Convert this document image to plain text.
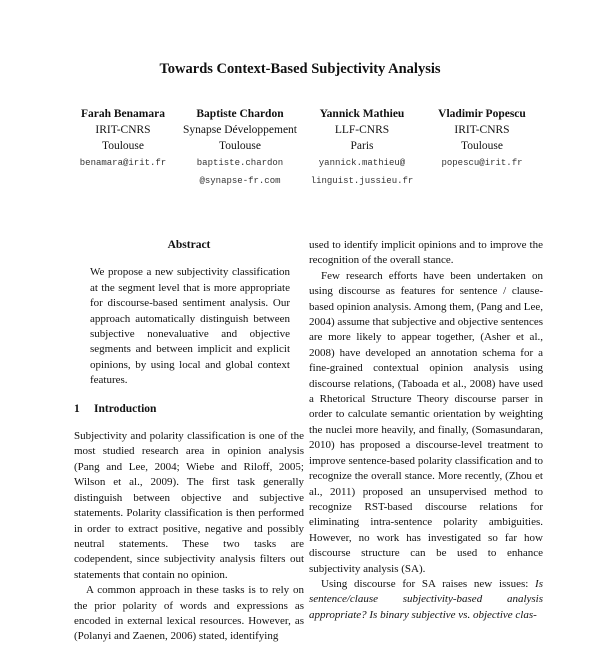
Towards Context-Based Subjectivity Analysis
Farah Benamara
IRIT-CNRS
Toulouse
benamara@irit.fr
Baptiste Chardon
Synapse Développement
Toulouse
baptiste.chardon
@synapse-fr.com
Yannick Mathieu
LLF-CNRS
Paris
yannick.mathieu@
linguist.jussieu.fr
Vladimir Popescu
IRIT-CNRS
Toulouse
popescu@irit.fr
Abstract

We propose a new subjectivity classification at the segment level that is more appropriate for discourse-based sentiment analysis. Our approach automatically distinguish between subjective nonevaluative and objective segments and between implicit and explicit opinions, by using local and global context features.

1 Introduction

Subjectivity and polarity classification is one of the most studied research area in opinion analysis (Pang and Lee, 2004; Wiebe and Riloff, 2005; Wilson et al., 2009). The first task generally distinguish between objective and subjective statements. Polarity classification is then performed in order to extract positive, negative and possibly neutral statements. These two tasks are codependent, since subjectivity analysis filters out statements that contain no opinion.

A common approach in these tasks is to rely on the prior polarity of words and expressions as encoded in external lexical resources. However, as (Polanyi and Zaenen, 2006) stated, identifying

used to identify implicit opinions and to improve the recognition of the overall stance.

Few research efforts have been undertaken on using discourse as features for sentence / clause-based opinion analysis. Among them, (Pang and Lee, 2004) assume that subjective and objective sentences are more likely to appear together, (Asher et al., 2008) have developed an annotation schema for a fine-grained contextual opinion analysis using discourse relations, (Taboada et al., 2008) have used a Rhetorical Structure Theory discourse parser in order to calculate semantic orientation by weighting the nuclei more heavily, and finally, (Somasundaran, 2010) has proposed a discourse-level treatment to improve sentence-based polarity classification and to recognize the overall stance. More recently, (Zhou et al., 2011) proposed an unsupervised method to recognize RST-based discourse relations for eliminating intra-sentence polarity ambiguities. However, no work has investigated so far how discourse structure can be used to enhance subjectivity analysis (SA).

Using discourse for SA raises new issues: Is sentence/clause subjectivity-based analysis appropriate? Is binary subjective vs. objective clas-
